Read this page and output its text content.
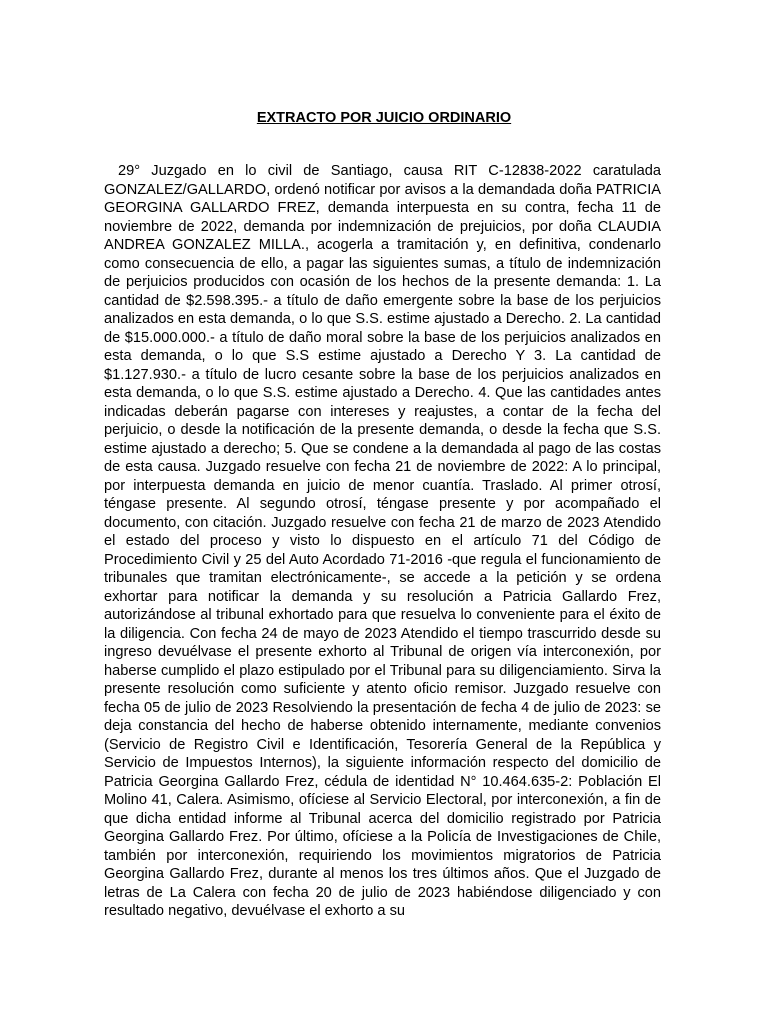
EXTRACTO POR JUICIO ORDINARIO

29° Juzgado en lo civil de Santiago, causa RIT C-12838-2022 caratulada GONZALEZ/GALLARDO, ordenó notificar por avisos a la demandada doña PATRICIA GEORGINA GALLARDO FREZ, demanda interpuesta en su contra, fecha 11 de noviembre de 2022, demanda por indemnización de prejuicios, por doña CLAUDIA ANDREA GONZALEZ MILLA., acogerla a tramitación y, en definitiva, condenarlo como consecuencia de ello, a pagar las siguientes sumas, a título de indemnización de perjuicios producidos con ocasión de los hechos de la presente demanda: 1. La cantidad de $2.598.395.- a título de daño emergente sobre la base de los perjuicios analizados en esta demanda, o lo que S.S. estime ajustado a Derecho. 2. La cantidad de $15.000.000.- a título de daño moral sobre la base de los perjuicios analizados en esta demanda, o lo que S.S estime ajustado a Derecho Y 3. La cantidad de $1.127.930.- a título de lucro cesante sobre la base de los perjuicios analizados en esta demanda, o lo que S.S. estime ajustado a Derecho. 4. Que las cantidades antes indicadas deberán pagarse con intereses y reajustes, a contar de la fecha del perjuicio, o desde la notificación de la presente demanda, o desde la fecha que S.S. estime ajustado a derecho; 5. Que se condene a la demandada al pago de las costas de esta causa. Juzgado resuelve con fecha 21 de noviembre de 2022: A lo principal, por interpuesta demanda en juicio de menor cuantía. Traslado. Al primer otrosí, téngase presente. Al segundo otrosí, téngase presente y por acompañado el documento, con citación. Juzgado resuelve con fecha 21 de marzo de 2023 Atendido el estado del proceso y visto lo dispuesto en el artículo 71 del Código de Procedimiento Civil y 25 del Auto Acordado 71-2016 -que regula el funcionamiento de tribunales que tramitan electrónicamente-, se accede a la petición y se ordena exhortar para notificar la demanda y su resolución a Patricia Gallardo Frez, autorizándose al tribunal exhortado para que resuelva lo conveniente para el éxito de la diligencia. Con fecha 24 de mayo de 2023 Atendido el tiempo trascurrido desde su ingreso devuélvase el presente exhorto al Tribunal de origen vía interconexión, por haberse cumplido el plazo estipulado por el Tribunal para su diligenciamiento. Sirva la presente resolución como suficiente y atento oficio remisor. Juzgado resuelve con fecha 05 de julio de 2023 Resolviendo la presentación de fecha 4 de julio de 2023: se deja constancia del hecho de haberse obtenido internamente, mediante convenios (Servicio de Registro Civil e Identificación, Tesorería General de la República y Servicio de Impuestos Internos), la siguiente información respecto del domicilio de Patricia Georgina Gallardo Frez, cédula de identidad N° 10.464.635-2: Población El Molino 41, Calera. Asimismo, ofíciese al Servicio Electoral, por interconexión, a fin de que dicha entidad informe al Tribunal acerca del domicilio registrado por Patricia Georgina Gallardo Frez. Por último, ofíciese a la Policía de Investigaciones de Chile, también por interconexión, requiriendo los movimientos migratorios de Patricia Georgina Gallardo Frez, durante al menos los tres últimos años. Que el Juzgado de letras de La Calera con fecha 20 de julio de 2023 habiéndose diligenciado y con resultado negativo, devuélvase el exhorto a su
